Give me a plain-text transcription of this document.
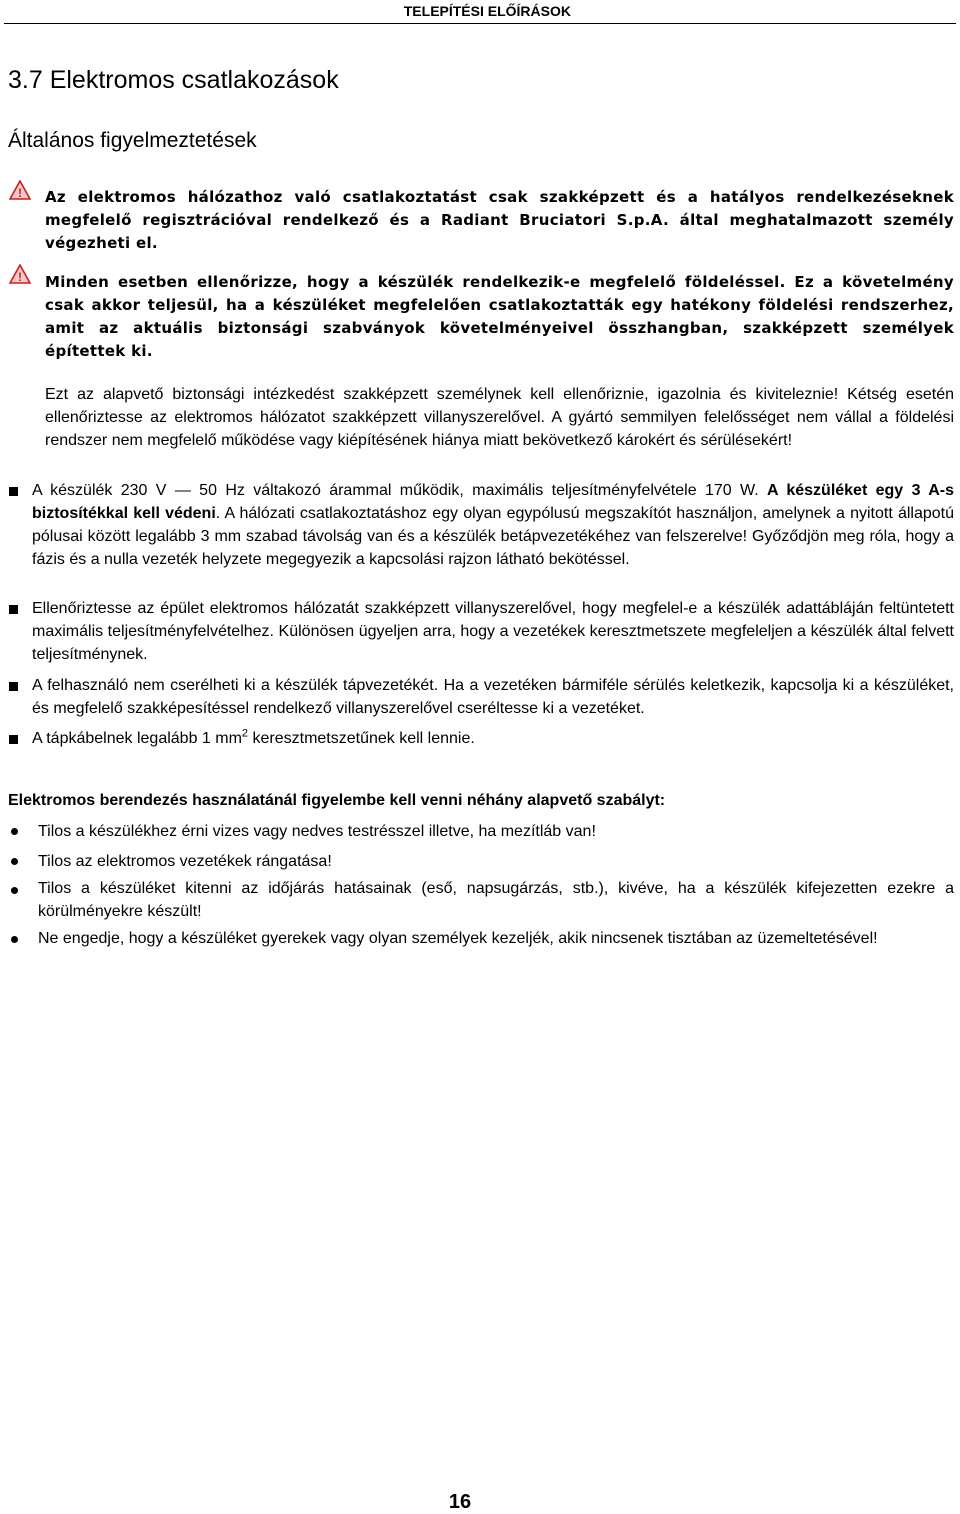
TELEPÍTÉSI ELŐÍRÁSOK
3.7 Elektromos csatlakozások
Általános figyelmeztetések
! Az elektromos hálózathoz való csatlakoztatást csak szakképzett és a hatályos rendelkezéseknek megfelelő regisztrációval rendelkező és a Radiant Bruciatori S.p.A. által meghatalmazott személy végezheti el.

! Minden esetben ellenőrizze, hogy a készülék rendelkezik-e megfelelő földeléssel. Ez a követelmény csak akkor teljesül, ha a készüléket megfelelően csatlakoztatták egy hatékony földelési rendszerhez, amit az aktuális biztonsági szabványok követelményeivel összhangban, szakképzett személyek építettek ki.

Ezt az alapvető biztonsági intézkedést szakképzett személynek kell ellenőriznie, igazolnia és kiviteleznie! Kétség esetén ellenőriztesse az elektromos hálózatot szakképzett villanyszerelővel. A gyártó semmilyen felelősséget nem vállal a földelési rendszer nem megfelelő működése vagy kiépítésének hiánya miatt bekövetkező károkért és sérülésekért!

A készülék 230 V — 50 Hz váltakozó árammal működik, maximális teljesítményfelvétele 170 W. A készüléket egy 3 A-s biztosítékkal kell védeni. A hálózati csatlakoztatáshoz egy olyan egypólusú megszakítót használjon, amelynek a nyitott állapotú pólusai között legalább 3 mm szabad távolság van és a készülék betápvezetékéhez van felszerelve! Győződjön meg róla, hogy a fázis és a nulla vezeték helyzete megegyezik a kapcsolási rajzon látható bekötéssel.

Ellenőriztesse az épület elektromos hálózatát szakképzett villanyszerelővel, hogy megfelel-e a készülék adattábláján feltüntetett maximális teljesítményfelvételhez. Különösen ügyeljen arra, hogy a vezetékek keresztmetszete megfeleljen a készülék által felvett teljesítménynek.

A felhasználó nem cserélheti ki a készülék tápvezetékét. Ha a vezetéken bármiféle sérülés keletkezik, kapcsolja ki a készüléket, és megfelelő szakképesítéssel rendelkező villanyszerelővel cseréltesse ki a vezetéket.

A tápkábelnek legalább 1 $mm^2$ keresztmetszetűnek kell lennie.

Elektromos berendezés használatánál figyelembe kell venni néhány alapvető szabályt:

Tilos a készülékhez érni vizes vagy nedves testrésszel illetve, ha mezítláb van!

Tilos az elektromos vezetékek rángatása!

Tilos a készüléket kitenni az időjárás hatásainak (eső, napsugárzás, stb.), kivéve, ha a készülék kifejezetten ezekre a körülményekre készült!

Ne engedje, hogy a készüléket gyerekek vagy olyan személyek kezeljék, akik nincsenek tisztában az üzemeltetésével!

16
